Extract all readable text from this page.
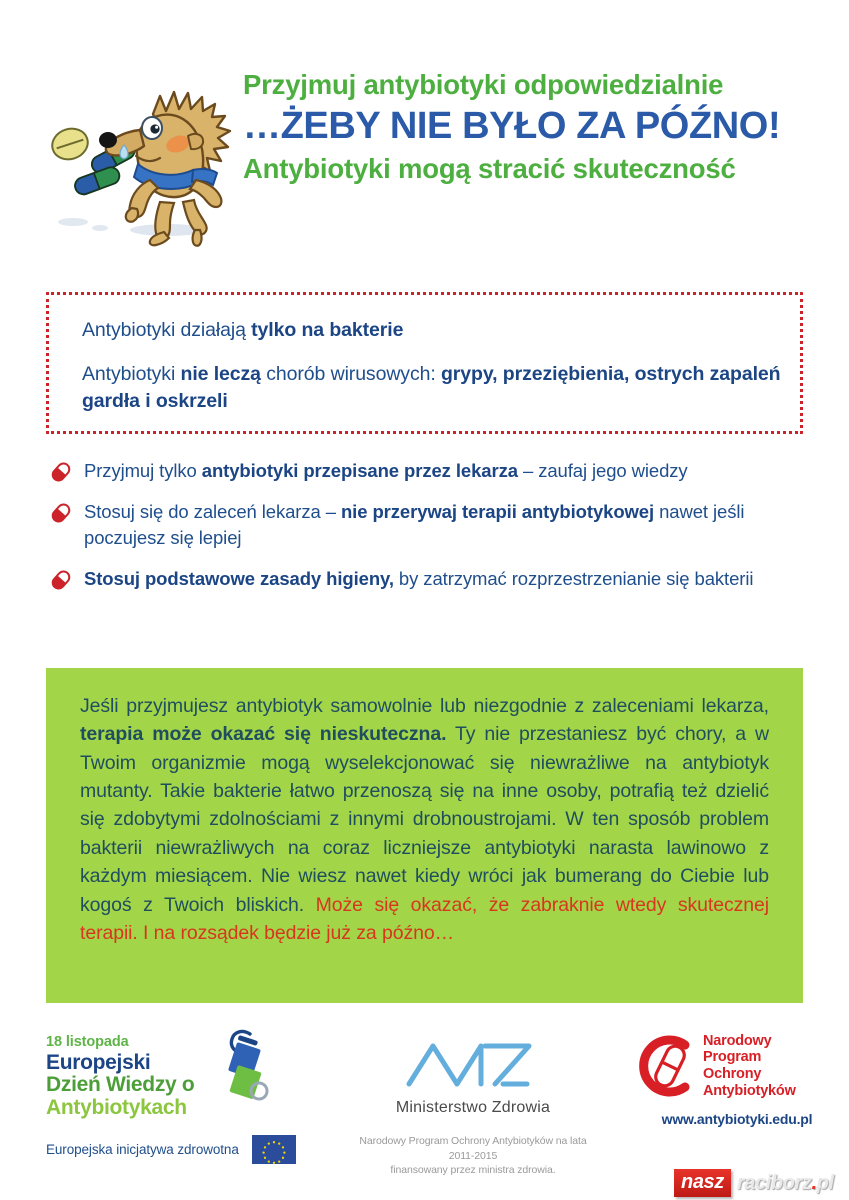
Przyjmuj antybiotyki odpowiedzialnie
…ŻEBY NIE BYŁO ZA PÓŹNO!
Antybiotyki mogą stracić skuteczność
Antybiotyki działają tylko na bakterie
Antybiotyki nie leczą chorób wirusowych: grypy, przeziębienia, ostrych zapaleń gardła i oskrzeli
Przyjmuj tylko antybiotyki przepisane przez lekarza – zaufaj jego wiedzy
Stosuj się do zaleceń lekarza – nie przerywaj terapii antybiotykowej nawet jeśli poczujesz się lepiej
Stosuj podstawowe zasady higieny, by zatrzymać rozprzestrzenianie się bakterii
Jeśli przyjmujesz antybiotyk samowolnie lub niezgodnie z zaleceniami lekarza, terapia może okazać się nieskuteczna. Ty nie przestaniesz być chory, a w Twoim organizmie mogą wyselekcjonować się niewrażliwe na antybiotyk mutanty. Takie bakterie łatwo przenoszą się na inne osoby, potrafią też dzielić się zdobytymi zdolnościami z innymi drobnoustrojami. W ten sposób problem bakterii niewrażliwych na coraz liczniejsze antybiotyki narasta lawinowo z każdym miesiącem. Nie wiesz nawet kiedy wróci jak bumerang do Ciebie lub kogoś z Twoich bliskich. Może się okazać, że zabraknie wtedy skutecznej terapii. I na rozsądek będzie już za późno…
18 listopada
Europejski
Dzień Wiedzy o
Antybiotykach
Europejska inicjatywa zdrowotna
Ministerstwo Zdrowia
Narodowy Program Ochrony Antybiotyków na lata 2011-2015
finansowany przez ministra zdrowia.
Narodowy
Program
Ochrony
Antybiotyków
www.antybiotyki.edu.pl
nasz raciborz.pl
